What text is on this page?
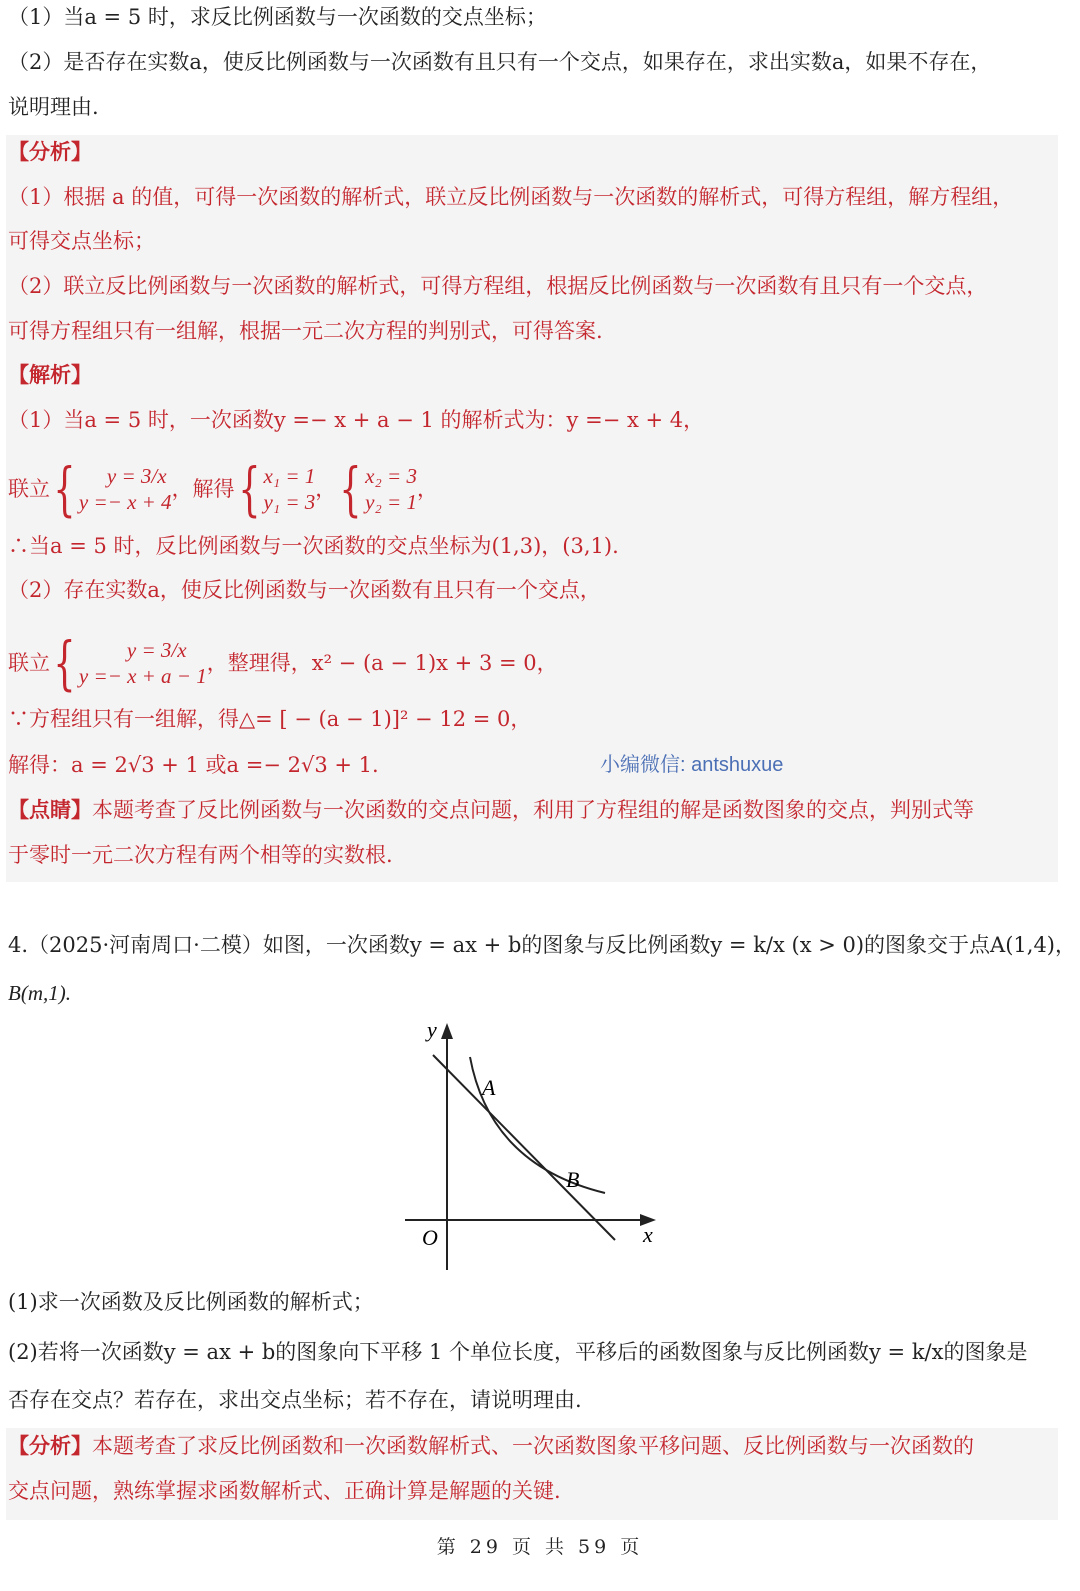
（1）当a = 5 时，求反比例函数与一次函数的交点坐标；
（2）是否存在实数a，使反比例函数与一次函数有且只有一个交点，如果存在，求出实数a，如果不存在，
说明理由.
【分析】
（1）根据 a 的值，可得一次函数的解析式，联立反比例函数与一次函数的解析式，可得方程组，解方程组，
可得交点坐标；
（2）联立反比例函数与一次函数的解析式，可得方程组，根据反比例函数与一次函数有且只有一个交点，
可得方程组只有一组解，根据一元二次方程的判别式，可得答案.
【解析】
（1）当a = 5 时，一次函数y =− x + a − 1 的解析式为：y =− x + 4，
联立 {	y = 3/x
y =− x + 4
，解得 { x₁ = 1
y₁ = 3
， { x₂ = 3
y₂ = 1
，
∴当a = 5 时，反比例函数与一次函数的交点坐标为(1,3)，(3,1).
（2）存在实数a，使反比例函数与一次函数有且只有一个交点，
联立 {	y = 3/x
y =− x + a − 1
，整理得，x² − (a − 1)x + 3 = 0，
∵方程组只有一组解，得△= [ − (a − 1)]² − 12 = 0，
解得：a = 2√3 + 1 或a =− 2√3 + 1.	小编微信: antshuxue
【点睛】本题考查了反比例函数与一次函数的交点问题，利用了方程组的解是函数图象的交点，判别式等
于零时一元二次方程有两个相等的实数根.
4.（2025·河南周口·二模）如图，一次函数y = ax + b的图象与反比例函数y = k/x (x > 0)的图象交于点A(1,4)，
B(m,1).
y
x
O
A
B
(1)求一次函数及反比例函数的解析式；
(2)若将一次函数y = ax + b的图象向下平移 1 个单位长度，平移后的函数图象与反比例函数y = k/x的图象是
否存在交点？若存在，求出交点坐标；若不存在，请说明理由.
【分析】本题考查了求反比例函数和一次函数解析式、一次函数图象平移问题、反比例函数与一次函数的
交点问题，熟练掌握求函数解析式、正确计算是解题的关键.
第 29 页 共 59 页
